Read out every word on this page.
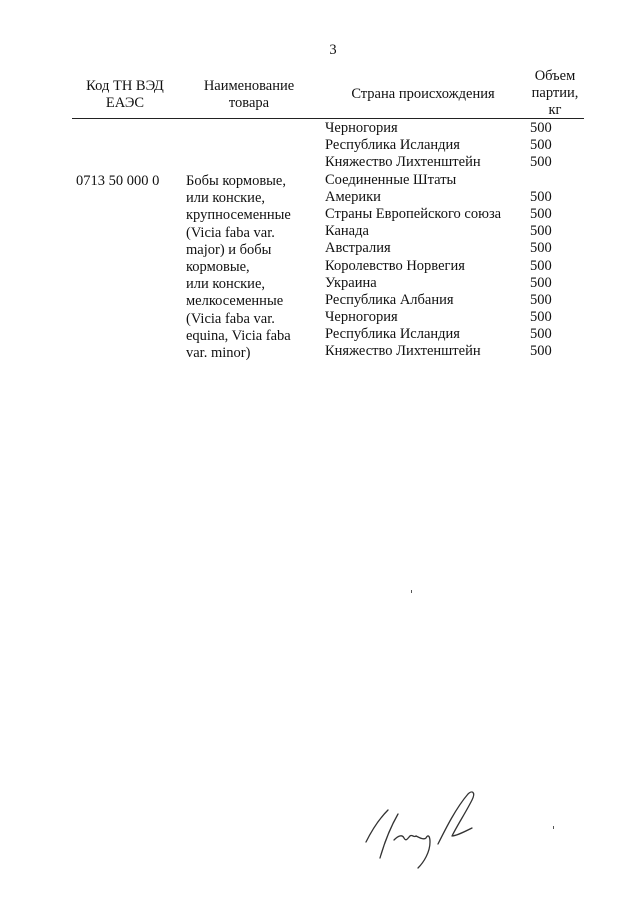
3
Код ТН ВЭД
ЕАЭС
Наименование
товара
Страна происхождения
Объем
партии,
кг
0713 50 000 0 Бобы кормовые,
или конские,
крупносеменные
(Vicia faba var.
major) и бобы
кормовые,
или конские,
мелкосеменные
(Vicia faba var.
equina, Vicia faba
var. minor)
Черногория
Республика Исландия
Княжество Лихтенштейн
Соединенные Штаты
Америки
Страны Европейского союза
Канада
Австралия
Королевство Норвегия
Украина
Республика Албания
Черногория
Республика Исландия
Княжество Лихтенштейн
500
500
500
500
500
500
500
500
500
500
500
500
500
